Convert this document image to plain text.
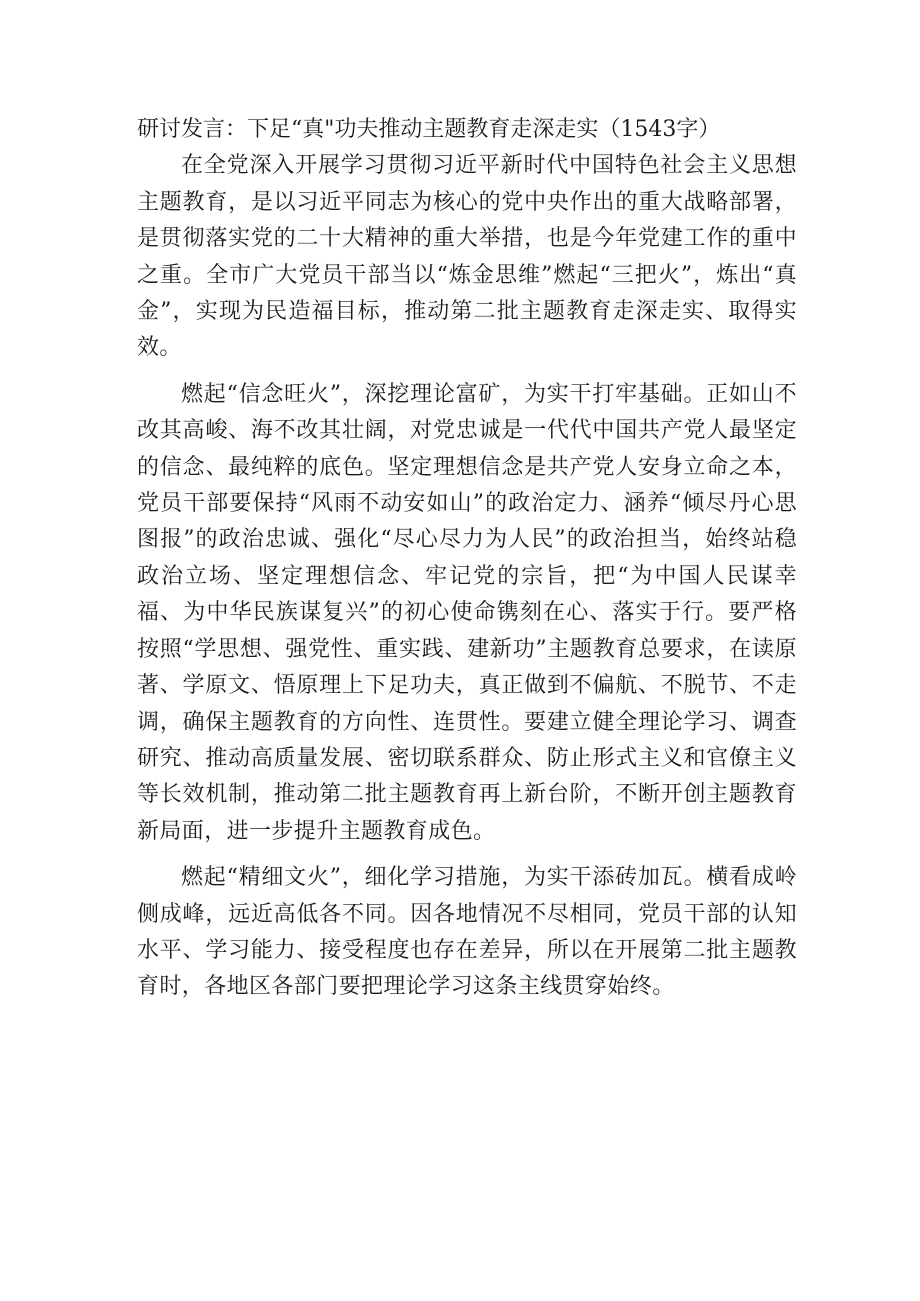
研讨发言：下足“真"功夫推动主题教育走深走实（1543字）

在全党深入开展学习贯彻习近平新时代中国特色社会主义思想主题教育，是以习近平同志为核心的党中央作出的重大战略部署，是贯彻落实党的二十大精神的重大举措，也是今年党建工作的重中之重。全市广大党员干部当以“炼金思维”燃起“三把火”，炼出“真金”，实现为民造福目标，推动第二批主题教育走深走实、取得实效。

燃起“信念旺火”，深挖理论富矿，为实干打牢基础。正如山不改其高峻、海不改其壮阔，对党忠诚是一代代中国共产党人最坚定的信念、最纯粹的底色。坚定理想信念是共产党人安身立命之本，党员干部要保持“风雨不动安如山”的政治定力、涵养“倾尽丹心思图报”的政治忠诚、强化“尽心尽力为人民”的政治担当，始终站稳政治立场、坚定理想信念、牢记党的宗旨，把“为中国人民谋幸福、为中华民族谋复兴”的初心使命镌刻在心、落实于行。要严格按照“学思想、强党性、重实践、建新功”主题教育总要求，在读原著、学原文、悟原理上下足功夫，真正做到不偏航、不脱节、不走调，确保主题教育的方向性、连贯性。要建立健全理论学习、调查研究、推动高质量发展、密切联系群众、防止形式主义和官僚主义等长效机制，推动第二批主题教育再上新台阶，不断开创主题教育新局面，进一步提升主题教育成色。

燃起“精细文火”，细化学习措施，为实干添砖加瓦。横看成岭侧成峰，远近高低各不同。因各地情况不尽相同，党员干部的认知水平、学习能力、接受程度也存在差异，所以在开展第二批主题教育时，各地区各部门要把理论学习这条主线贯穿始终。
